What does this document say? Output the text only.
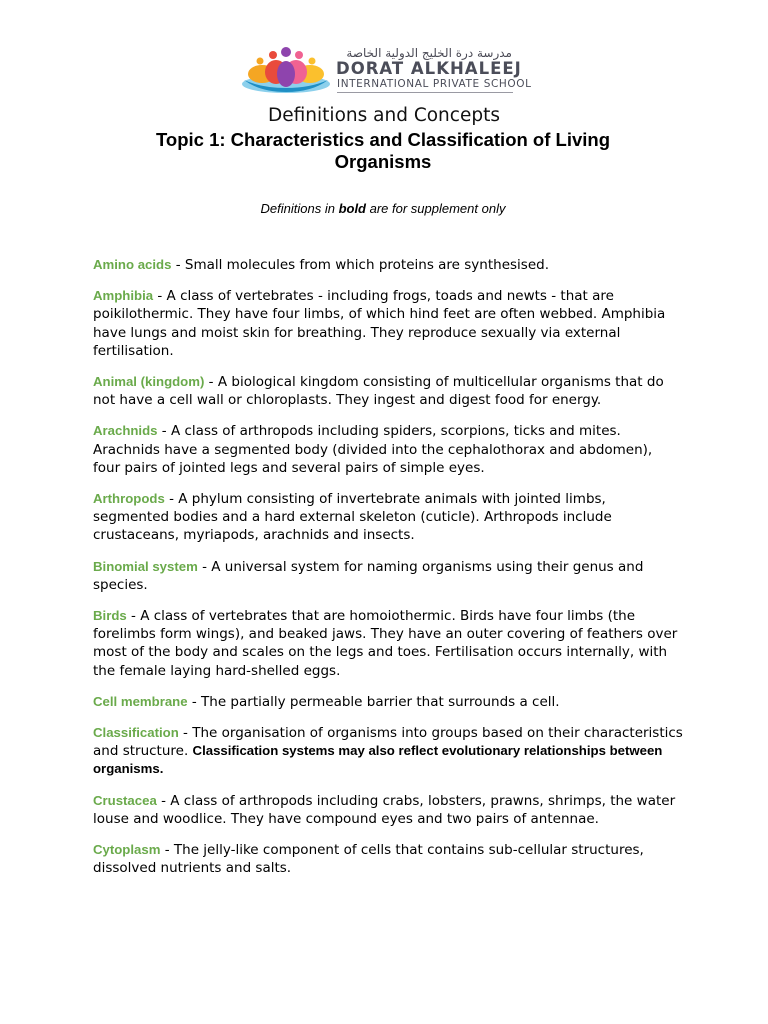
مدرسة درة الخليج الدولية الخاصة
DORAT ALKHALEEJ
INTERNATIONAL PRIVATE SCHOOL
Definitions and Concepts
Topic 1: Characteristics and Classification of Living Organisms
Definitions in bold are for supplement only
Amino acids - Small molecules from which proteins are synthesised.
Amphibia - A class of vertebrates - including frogs, toads and newts - that are poikilothermic. They have four limbs, of which hind feet are often webbed. Amphibia have lungs and moist skin for breathing. They reproduce sexually via external fertilisation.
Animal (kingdom) - A biological kingdom consisting of multicellular organisms that do not have a cell wall or chloroplasts. They ingest and digest food for energy.
Arachnids - A class of arthropods including spiders, scorpions, ticks and mites. Arachnids have a segmented body (divided into the cephalothorax and abdomen), four pairs of jointed legs and several pairs of simple eyes.
Arthropods - A phylum consisting of invertebrate animals with jointed limbs, segmented bodies and a hard external skeleton (cuticle). Arthropods include crustaceans, myriapods, arachnids and insects.
Binomial system - A universal system for naming organisms using their genus and species.
Birds - A class of vertebrates that are homoiothermic. Birds have four limbs (the forelimbs form wings), and beaked jaws. They have an outer covering of feathers over most of the body and scales on the legs and toes. Fertilisation occurs internally, with the female laying hard-shelled eggs.
Cell membrane - The partially permeable barrier that surrounds a cell.
Classification - The organisation of organisms into groups based on their characteristics and structure. Classification systems may also reflect evolutionary relationships between organisms.
Crustacea - A class of arthropods including crabs, lobsters, prawns, shrimps, the water louse and woodlice. They have compound eyes and two pairs of antennae.
Cytoplasm - The jelly-like component of cells that contains sub-cellular structures, dissolved nutrients and salts.
